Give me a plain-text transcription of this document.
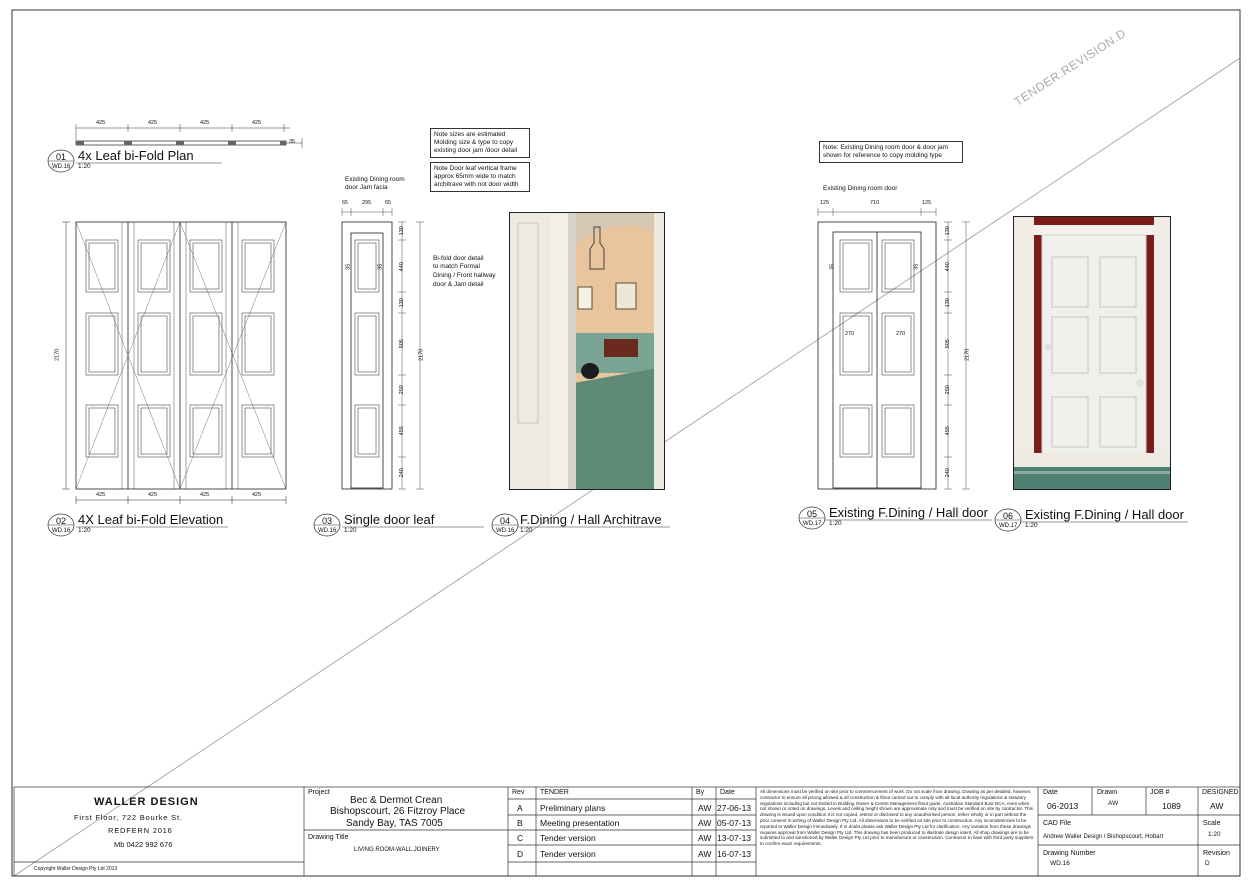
TENDER.REVISION.D
01
WD.16
4x Leaf bi-Fold Plan
1:20
425	425	425	425
35
02
WD.16
4X Leaf bi-Fold Elevation
1:20
425	425	425	425
2170
03
WD.16
Single door leaf
1:20
Existing Dining room
door Jam facia
65	295	65
130
440
130
505
250
455
240
2170
35	35
Bi-fold door detail
to match Formal
Dining / Front hallway
door & Jam detail
Note sizes are estimated
Molding size & type to copy
existing door jam /door detail
Note Door leaf vertical frame
approx 65mm wide to match
architrave with not door width
04
WD.16
F.Dining / Hall Architrave
1:20
Note: Existing Dining room door & door jam
shown for reference to copy molding type
Existing Dining room door
125	710	125
130
440
130
505
250
455
240
2170
270	270
35	35
05
WD.17
Existing F.Dining / Hall door
1:20
06
WD.17
Existing F.Dining / Hall door
1:20
WALLER DESIGN
First Floor, 722 Bourke St.
REDFERN 2016
Mb 0422 992 676
Copyright Waller Design Pty Ltd 2013
Project
Bec & Dermot Crean
Bishopscourt, 26 Fitzroy Place
Sandy Bay, TAS 7005
Drawing Title
LIVING.ROOM-WALL.JOINERY
Rev TENDER	By Date
A Preliminary plans	AW 27-06-13
B Meeting presentation	AW 05-07-13
C Tender version	AW 13-07-13
D Tender version	AW 16-07-13
All dimensions must be verified on site prior to commencement of work. Do not scale from drawing. Drawing as per detailed, however, contractor to ensure all pricing allowed & all construction & fitout carried out to comply with all local authority regulations & statutory regulations including but not limited to Building Owner & Centre Management fitout guide, Australian Standard BJor BCA, even when not shown or noted on drawings. Levels and ceiling height shown are approximate only and must be verified on site by contractor. This drawing is issued upon condition it is not copied, retired or disclosed to any unauthorised person, either wholly or in part without the prior consent in writing of Waller Design Pty Ltd. All dimensions to be verified on site prior to construction. Any inconsistencies to be reported to Waller Design immediately. If in doubt please ask Waller Design Pty Ltd for clarification. Any variation from these drawings requires approval from Waller Design Pty Ltd. This drawing has been produced to illustrate design intent. All shop drawings are to be submitted to and sanctioned by Waller Design Pty Ltd prior to manufacture or construction. Contractor to liase with third party suppliers to confirm exact requirements.
Date
06-2013
Drawn
AW
JOB #
1089
DESIGNED
AW
CAD File
Andrew Waller Design / Bishopscourt, Hobart
Scale
1:20
Drawing Number
WD.16
Revision
D
